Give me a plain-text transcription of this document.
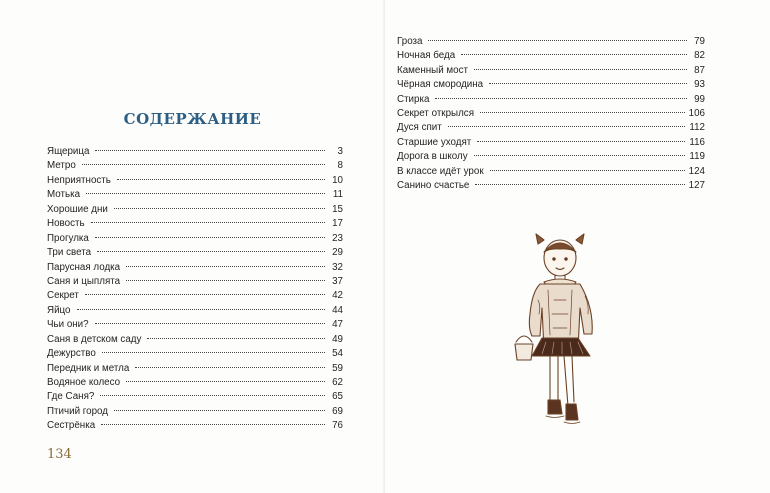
СОДЕРЖАНИЕ
Ящерица	3
Метро	8
Неприятность	10
Мотька	11
Хорошие дни	15
Новость	17
Прогулка	23
Три света	29
Парусная лодка	32
Саня и цыплята	37
Секрет	42
Яйцо	44
Чьи они?	47
Саня в детском саду	49
Дежурство	54
Передник и метла	59
Водяное колесо	62
Где Саня?	65
Птичий город	69
Сестрёнка	76
134
Гроза	79
Ночная беда	82
Каменный мост	87
Чёрная смородина	93
Стирка	99
Секрет открылся	106
Дуся спит	112
Старшие уходят	116
Дорога в школу	119
В классе идёт урок	124
Санино счастье	127
